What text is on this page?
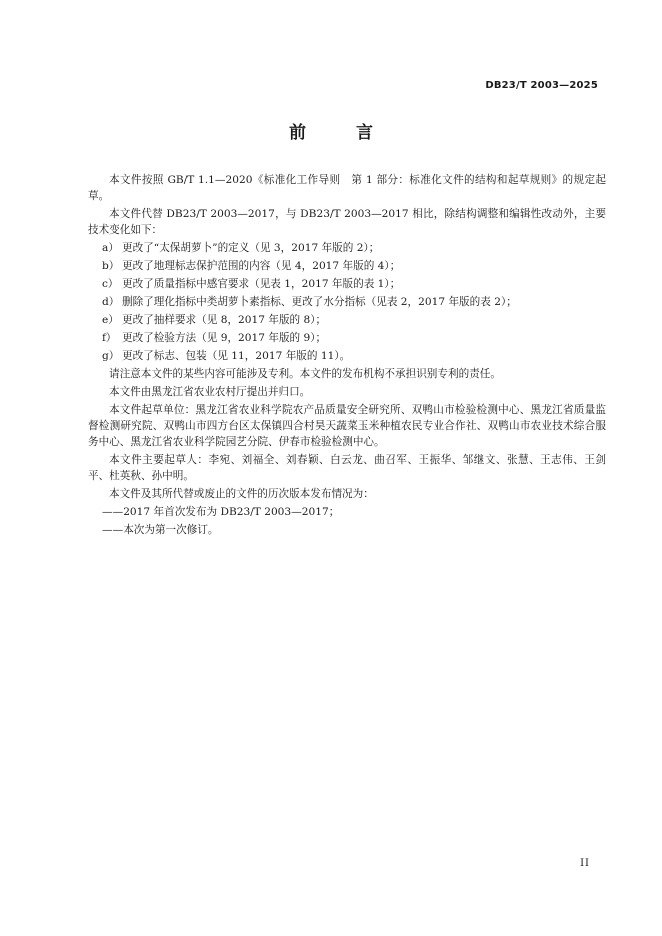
DB23/T 2003—2025
前 言

本文件按照 GB/T 1.1—2020《标准化工作导则　第 1 部分：标准化文件的结构和起草规则》的规定起草。

本文件代替 DB23/T 2003—2017，与 DB23/T 2003—2017 相比，除结构调整和编辑性改动外，主要技术变化如下：

a） 更改了“太保胡萝卜”的定义（见 3，2017 年版的 2）；
b） 更改了地理标志保护范围的内容（见 4，2017 年版的 4）；
c） 更改了质量指标中感官要求（见表 1，2017 年版的表 1）；
d） 删除了理化指标中类胡萝卜素指标、更改了水分指标（见表 2，2017 年版的表 2）；
e） 更改了抽样要求（见 8，2017 年版的 8）；
f） 更改了检验方法（见 9，2017 年版的 9）；
g） 更改了标志、包装（见 11，2017 年版的 11）。

请注意本文件的某些内容可能涉及专利。本文件的发布机构不承担识别专利的责任。

本文件由黑龙江省农业农村厅提出并归口。

本文件起草单位：黑龙江省农业科学院农产品质量安全研究所、双鸭山市检验检测中心、黑龙江省质量监督检测研究院、双鸭山市四方台区太保镇四合村昊天蔬菜玉米种植农民专业合作社、双鸭山市农业技术综合服务中心、黑龙江省农业科学院园艺分院、伊春市检验检测中心。

本文件主要起草人：李宛、刘福全、刘春颖、白云龙、曲召军、王振华、邹继文、张慧、王志伟、王剑平、杜英秋、孙中明。

本文件及其所代替或废止的文件的历次版本发布情况为：

——2017 年首次发布为 DB23/T 2003—2017；

——本次为第一次修订。

II
